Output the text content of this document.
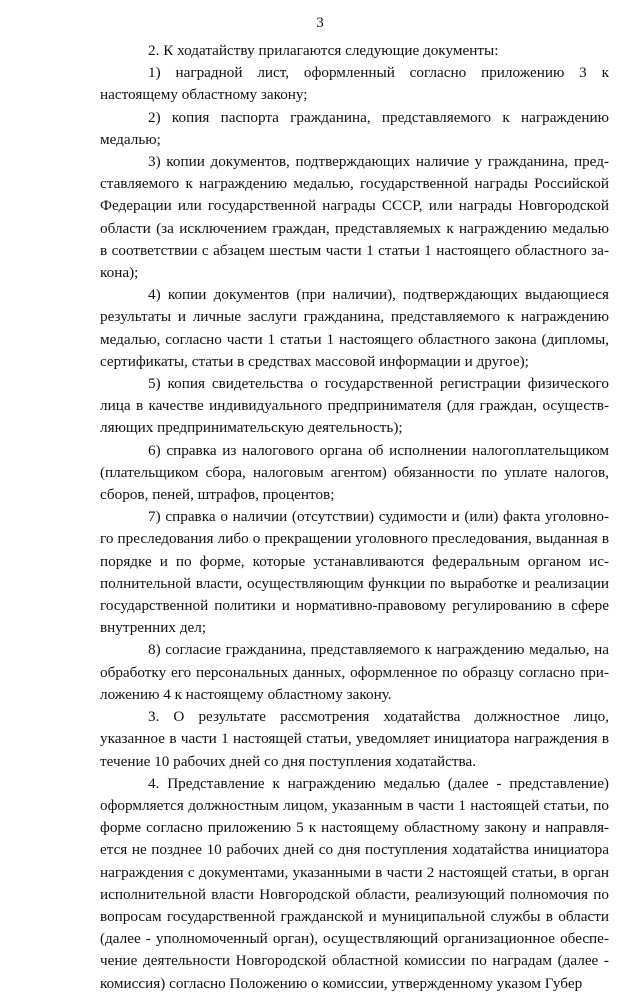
3

2. К ходатайству прилагаются следующие документы:

1) наградной лист, оформленный согласно приложению 3 к настоящему областному закону;

2) копия паспорта гражданина, представляемого к награждению медалью;

3) копии документов, подтверждающих наличие у гражданина, представляемого к награждению медалью, государственной награды Российской Федерации или государственной награды СССР, или награды Новгородской области (за исключением граждан, представляемых к награждению медалью в соответствии с абзацем шестым части 1 статьи 1 настоящего областного закона);

4) копии документов (при наличии), подтверждающих выдающиеся результаты и личные заслуги гражданина, представляемого к награждению медалью, согласно части 1 статьи 1 настоящего областного закона (дипломы, сертификаты, статьи в средствах массовой информации и другое);

5) копия свидетельства о государственной регистрации физического лица в качестве индивидуального предпринимателя (для граждан, осуществляющих предпринимательскую деятельность);

6) справка из налогового органа об исполнении налогоплательщиком (плательщиком сбора, налоговым агентом) обязанности по уплате налогов, сборов, пеней, штрафов, процентов;

7) справка о наличии (отсутствии) судимости и (или) факта уголовного преследования либо о прекращении уголовного преследования, выданная в порядке и по форме, которые устанавливаются федеральным органом исполнительной власти, осуществляющим функции по выработке и реализации государственной политики и нормативно-правовому регулированию в сфере внутренних дел;

8) согласие гражданина, представляемого к награждению медалью, на обработку его персональных данных, оформленное по образцу согласно приложению 4 к настоящему областному закону.

3. О результате рассмотрения ходатайства должностное лицо, указанное в части 1 настоящей статьи, уведомляет инициатора награждения в течение 10 рабочих дней со дня поступления ходатайства.

4. Представление к награждению медалью (далее - представление) оформляется должностным лицом, указанным в части 1 настоящей статьи, по форме согласно приложению 5 к настоящему областному закону и направляется не позднее 10 рабочих дней со дня поступления ходатайства инициатора награждения с документами, указанными в части 2 настоящей статьи, в орган исполнительной власти Новгородской области, реализующий полномочия по вопросам государственной гражданской и муниципальной службы в области (далее - уполномоченный орган), осуществляющий организационное обеспечение деятельности Новгородской областной комиссии по наградам (далее - комиссия) согласно Положению о комиссии, утвержденному указом Губер
